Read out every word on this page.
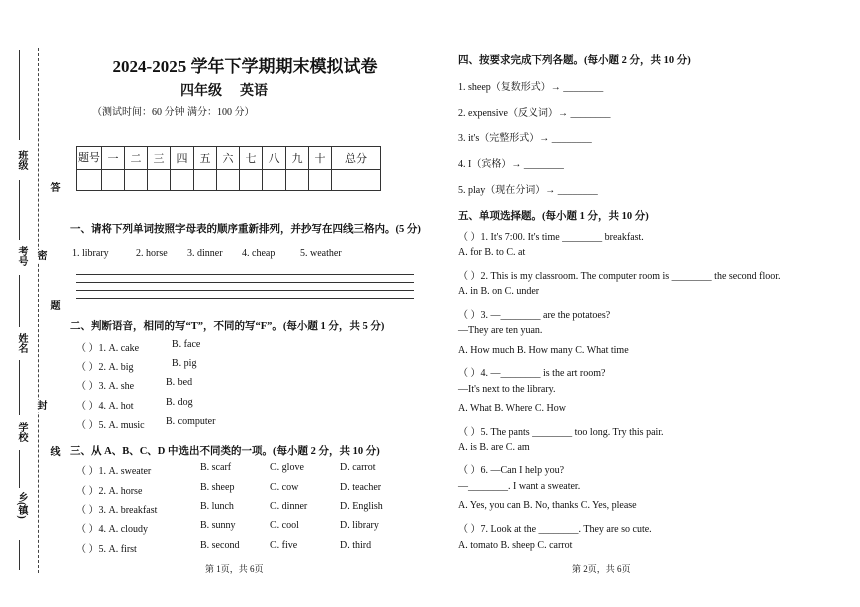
班级
考号
姓名
学校
乡(镇)
答
密
题
封
线
2024-2025 学年下学期期末模拟试卷
四年级 英语
（测试时间：60 分钟 满分：100 分）
题号	一	二	三	四	五	六	七	八	九	十	总分

一、请将下列单词按照字母表的顺序重新排列，并抄写在四线三格内。(5 分)
1. library	2. horse 3. dinner 4. cheap 5. weather
二、判断语音，相同的写“T”，不同的写“F”。(每小题 1 分，共 5 分)
（ ）1. A. cake	B. face
（ ）2. A. big	B. pig
（ ）3. A. she	B. bed
（ ）4. A. hot	B. dog
（ ）5. A. music B. computer
三、从 A、B、C、D 中选出不同类的一项。(每小题 2 分，共 10 分)
（ ）1. A. sweater	B. scarf	C. glove	D. carrot
（ ）2. A. horse	B. sheep	C. cow	D. teacher
（ ）3. A. breakfast	B. lunch	C. dinner	D. English
（ ）4. A. cloudy	B. sunny	C. cool	D. library
（ ）5. A. first	B. second	C. five	D. third
四、按要求完成下列各题。(每小题 2 分，共 10 分)
1. sheep（复数形式）→ ________
2. expensive（反义词）→ ________
3. it's（完整形式）→ ________
4. I（宾格）→ ________
5. play（现在分词）→ ________
五、单项选择题。(每小题 1 分，共 10 分)
（ ）1. It's 7:00. It's time ________ breakfast.
A. for B. to C. at
（ ）2. This is my classroom. The computer room is ________ the second floor.
A. in B. on C. under
（ ）3. —________ are the potatoes?
—They are ten yuan.
A. How much B. How many C. What time
（ ）4. —________ is the art room?
—It's next to the library.
A. What B. Where C. How
（ ）5. The pants ________ too long. Try this pair.
A. is B. are C. am
（ ）6. —Can I help you?
—________. I want a sweater.
A. Yes, you can B. No, thanks C. Yes, please
（ ）7. Look at the ________. They are so cute.
A. tomato B. sheep C. carrot
第 1页，共 6页	第 2页，共 6页
